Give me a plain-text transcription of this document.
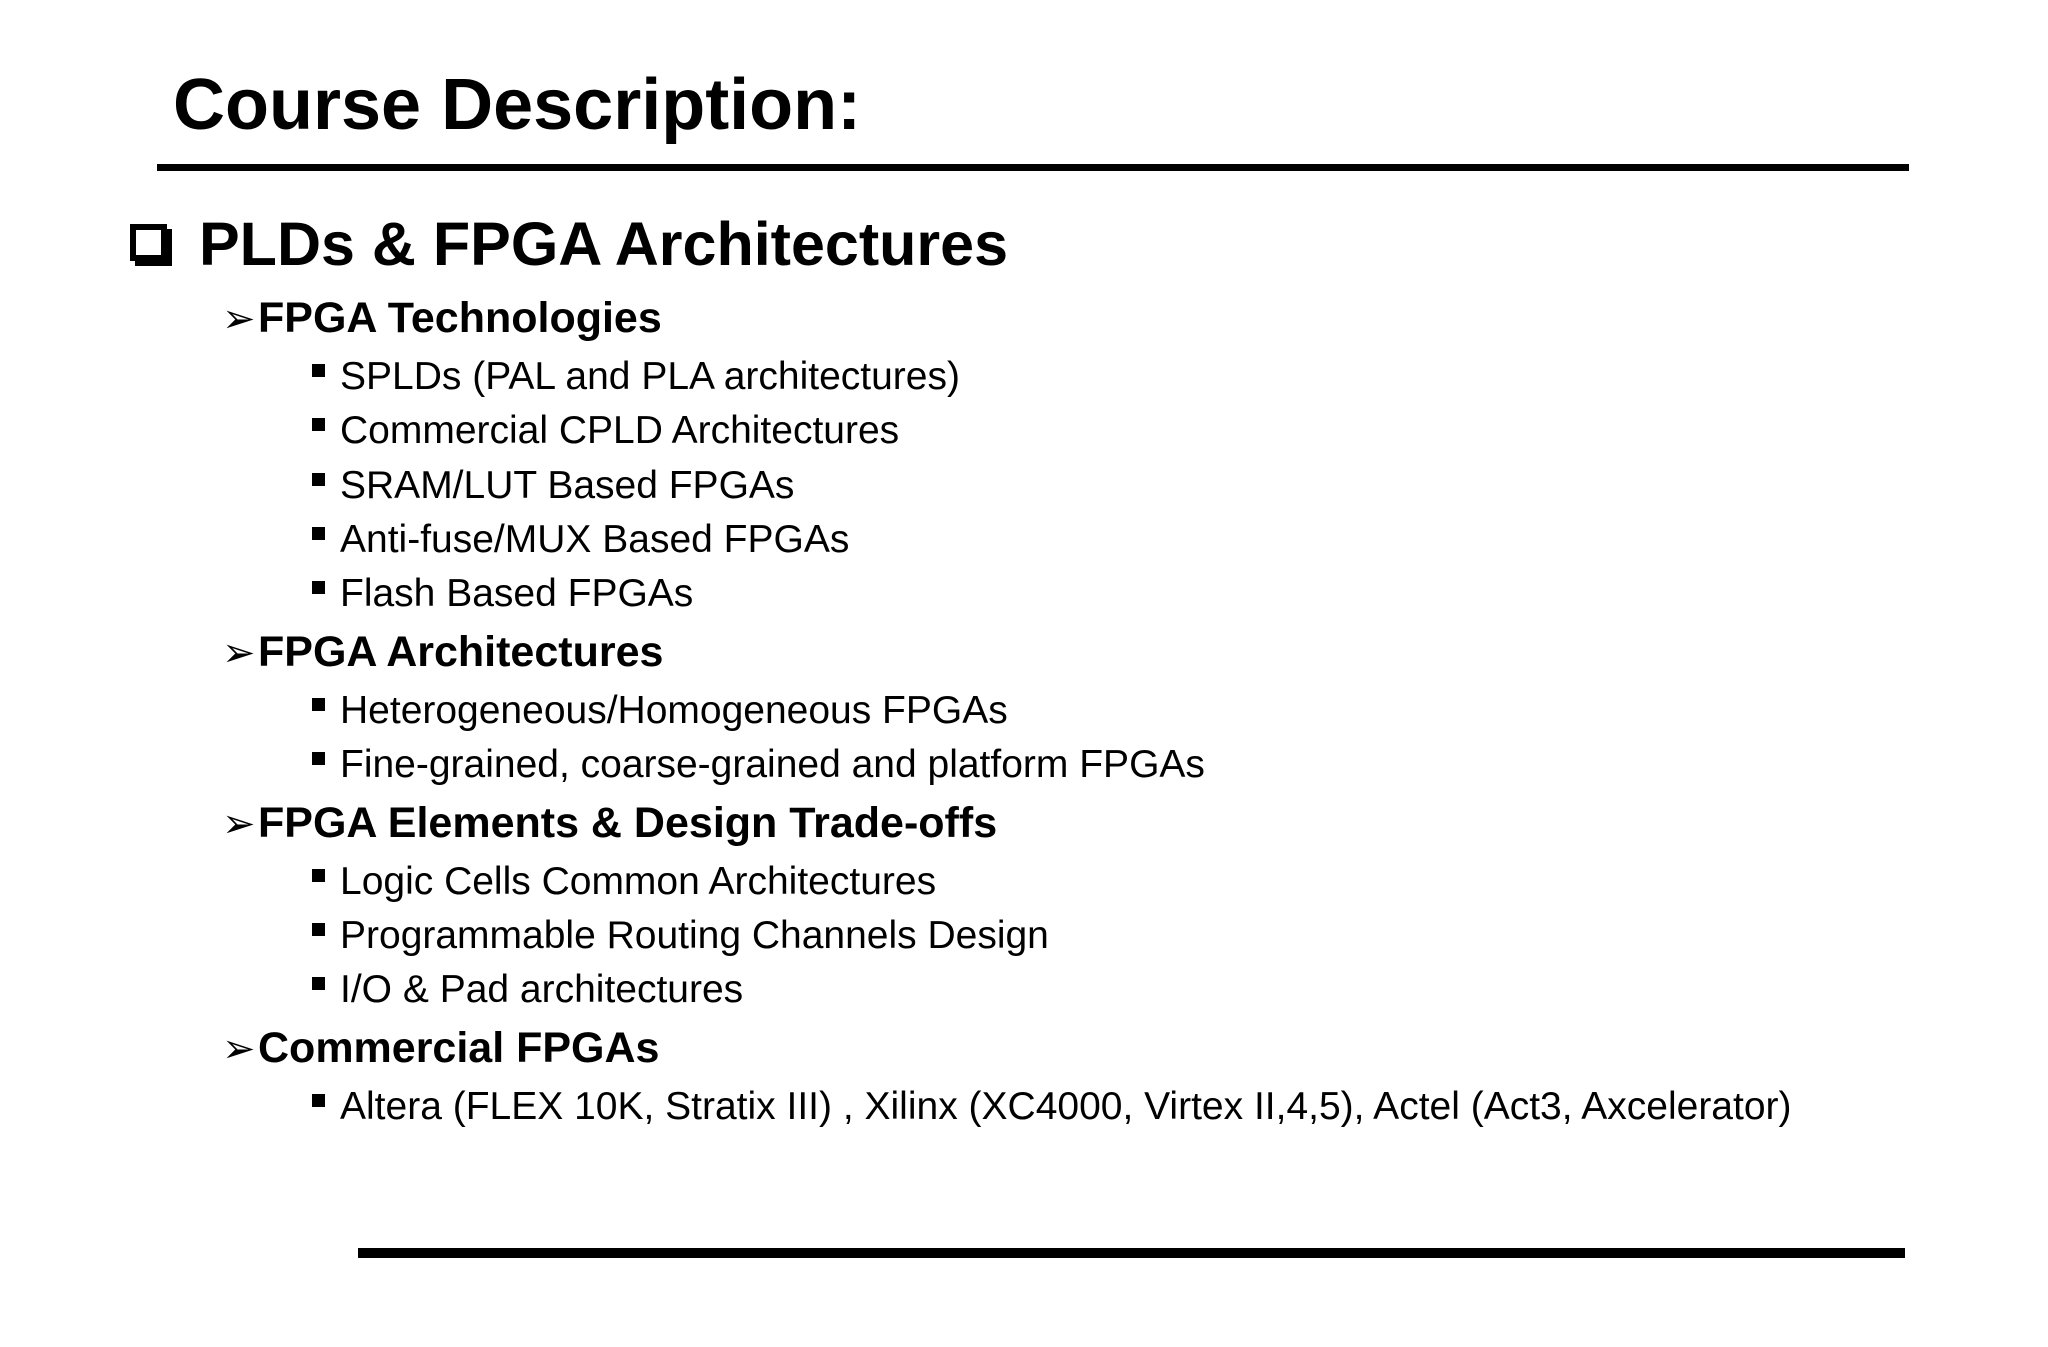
Course Description:
PLDs & FPGA Architectures
➢FPGA Technologies
SPLDs (PAL and PLA architectures)
Commercial CPLD Architectures
SRAM/LUT Based FPGAs
Anti-fuse/MUX Based FPGAs
Flash Based FPGAs
➢FPGA Architectures
Heterogeneous/Homogeneous FPGAs
Fine-grained, coarse-grained and platform FPGAs
➢FPGA Elements & Design Trade-offs
Logic Cells Common Architectures
Programmable Routing Channels Design
I/O & Pad architectures
➢Commercial FPGAs
Altera (FLEX 10K, Stratix III) , Xilinx (XC4000, Virtex II,4,5), Actel (Act3, Axcelerator)
